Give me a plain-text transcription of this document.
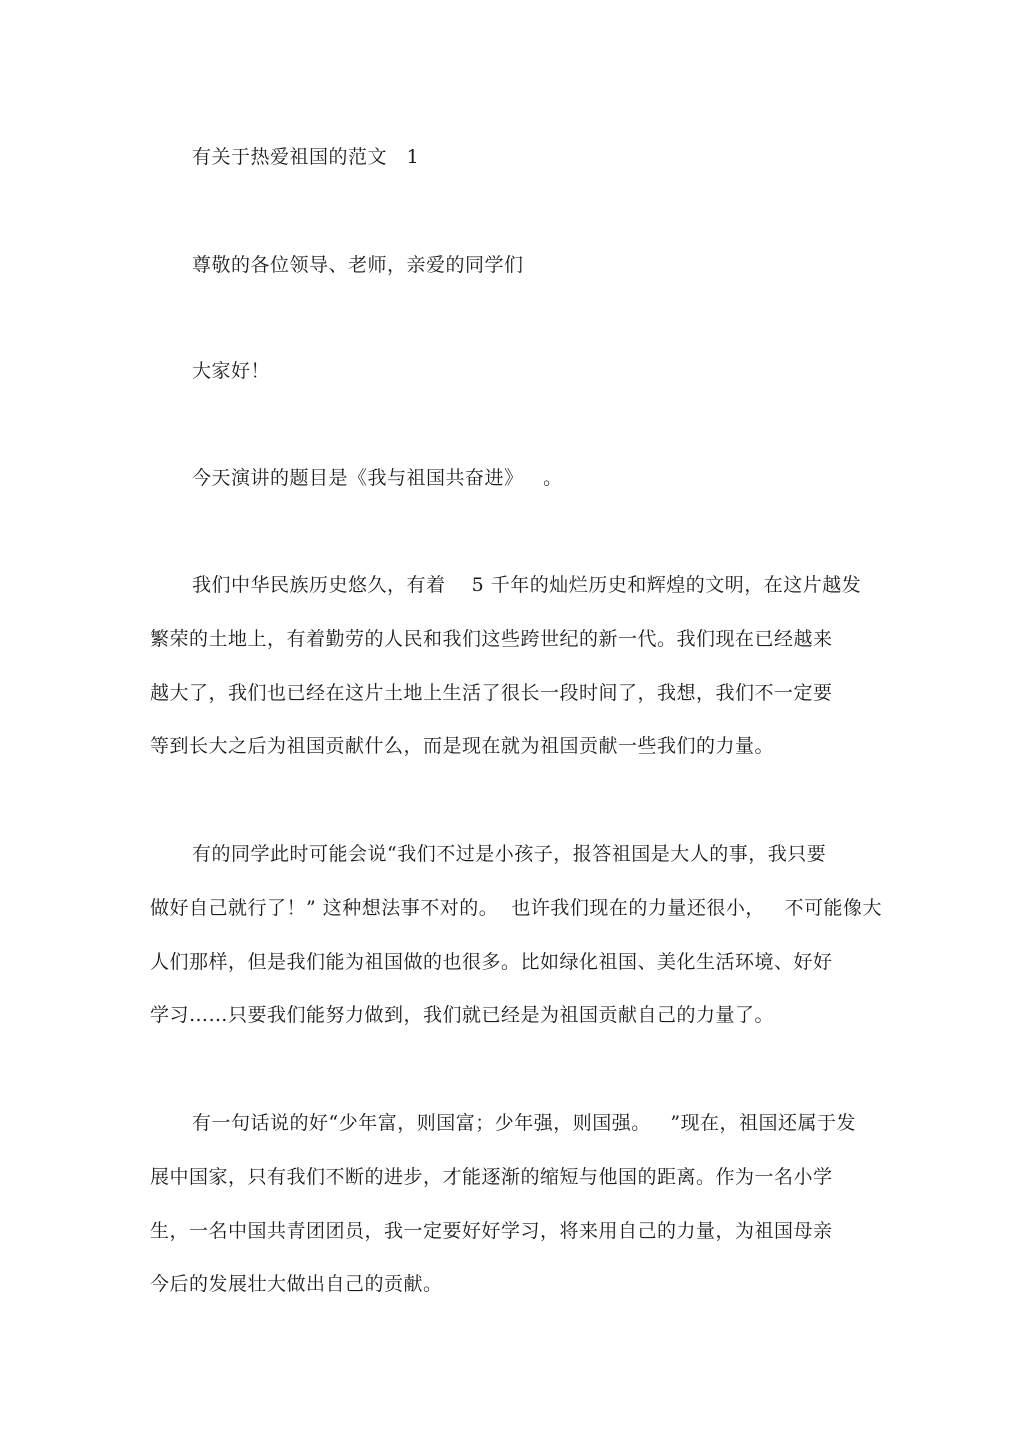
有关于热爱祖国的范文   1
尊敬的各位领导、老师，亲爱的同学们
大家好！
今天演讲的题目是《我与祖国共奋进》   。
我们中华民族历史悠久，有着    5 千年的灿烂历史和辉煌的文明，在这片越发
繁荣的土地上，有着勤劳的人民和我们这些跨世纪的新一代。我们现在已经越来
越大了，我们也已经在这片土地上生活了很长一段时间了，我想，我们不一定要
等到长大之后为祖国贡献什么，而是现在就为祖国贡献一些我们的力量。
有的同学此时可能会说“我们不过是小孩子，报答祖国是大人的事，我只要
做好自己就行了！” 这种想法事不对的。  也许我们现在的力量还很小，   不可能像大
人们那样，但是我们能为祖国做的也很多。比如绿化祖国、美化生活环境、好好
学习……只要我们能努力做到，我们就已经是为祖国贡献自己的力量了。
有一句话说的好“少年富，则国富；少年强，则国强。   ”现在，祖国还属于发
展中国家，只有我们不断的进步，才能逐渐的缩短与他国的距离。作为一名小学
生，一名中国共青团团员，我一定要好好学习，将来用自己的力量，为祖国母亲
今后的发展壮大做出自己的贡献。
